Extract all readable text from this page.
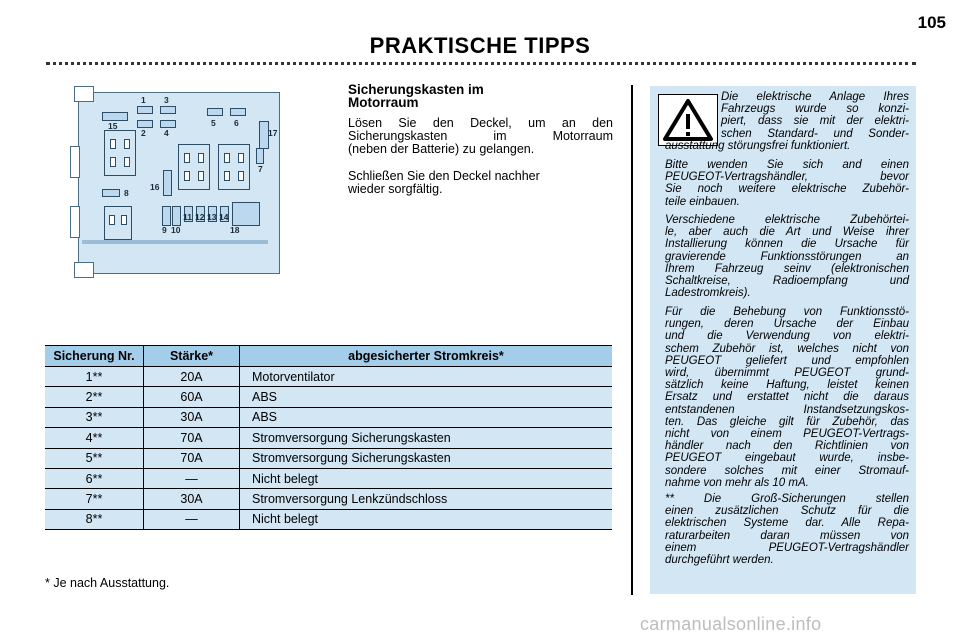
105
PRAKTISCHE TIPPS
1 3
15
2 4
5 6
17
7
8
16
11 12 13 14
9 10	18
Sicherungskasten im
Motorraum
Lösen Sie den Deckel, um an den
Sicherungskasten im Motorraum
(neben der Batterie) zu gelangen.
Schließen Sie den Deckel nachher
wieder sorgfältig.
Sicherung Nr.	Stärke*	abgesicherter Stromkreis*
1**	20A	Motorventilator
2**	60A	ABS
3**	30A	ABS
4**	70A	Stromversorgung Sicherungskasten
5**	70A	Stromversorgung Sicherungskasten
6**	—	Nicht belegt
7**	30A	Stromversorgung Lenkzündschloss
8**	—	Nicht belegt
* Je nach Ausstattung.
Die elektrische Anlage Ihres
Fahrzeugs wurde so konzi-
piert, dass sie mit der elektri-
schen Standard- und Sonder-
ausstattung störungsfrei funktioniert.
Bitte wenden Sie sich and einen
PEUGEOT-Vertragshändler, bevor
Sie noch weitere elektrische Zubehör-
teile einbauen.
Verschiedene elektrische Zubehörtei-
le, aber auch die Art und Weise ihrer
Installierung können die Ursache für
gravierende Funktionsstörungen an
Ihrem Fahrzeug seinv (elektronischen
Schaltkreise, Radioempfang und
Ladestromkreis).
Für die Behebung von Funktionsstö-
rungen, deren Ursache der Einbau
und die Verwendung von elektri-
schem Zubehör ist, welches nicht von
PEUGEOT geliefert und empfohlen
wird, übernimmt PEUGEOT grund-
sätzlich keine Haftung, leistet keinen
Ersatz und erstattet nicht die daraus
entstandenen Instandsetzungskos-
ten. Das gleiche gilt für Zubehör, das
nicht von einem PEUGEOT-Vertrags-
händler nach den Richtlinien von
PEUGEOT eingebaut wurde, insbe-
sondere solches mit einer Stromauf-
nahme von mehr als 10 mA.
** Die Groß-Sicherungen stellen
einen zusätzlichen Schutz für die
elektrischen Systeme dar. Alle Repa-
raturarbeiten daran müssen von
einem PEUGEOT-Vertragshändler
durchgeführt werden.
carmanualsonline.info
